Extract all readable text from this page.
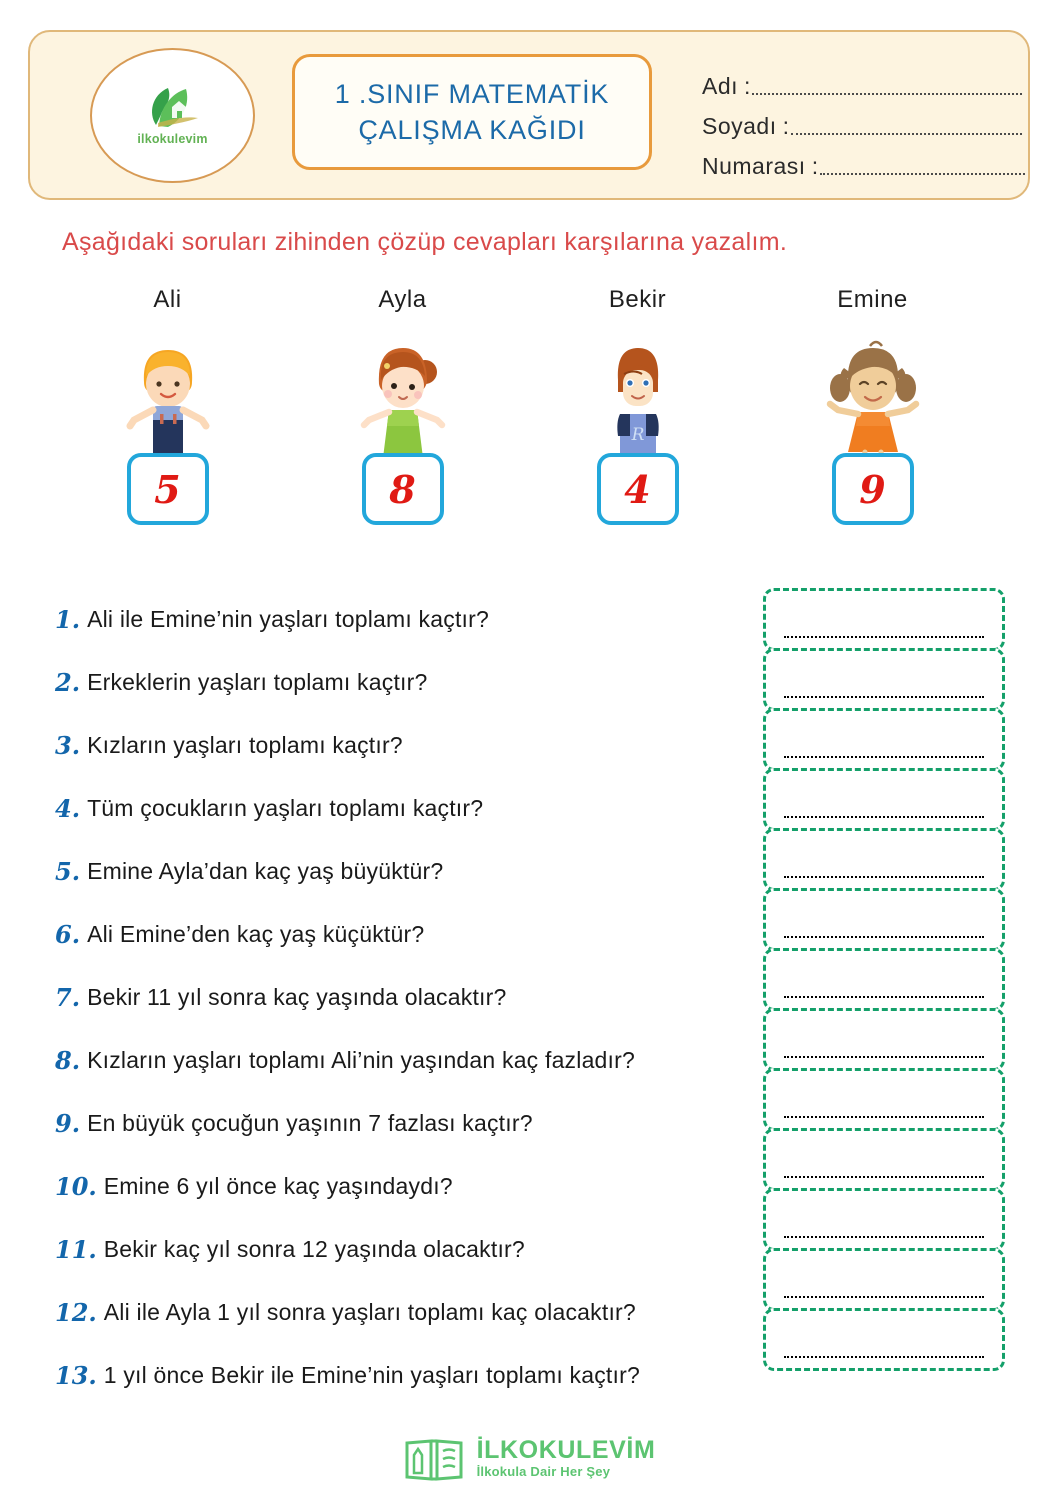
ilkokulevim
1 .SINIF MATEMATİK
ÇALIŞMA KAĞIDI
Adı :
Soyadı :
Numarası :
Aşağıdaki soruları zihinden çözüp cevapları karşılarına yazalım.
Ali
5
Ayla
8
Bekir
R
4
Emine
9
1. Ali ile Emine’nin yaşları toplamı kaçtır?
2. Erkeklerin yaşları toplamı kaçtır?
3. Kızların yaşları toplamı kaçtır?
4. Tüm çocukların yaşları toplamı kaçtır?
5. Emine Ayla’dan kaç yaş büyüktür?
6. Ali Emine’den kaç yaş küçüktür?
7. Bekir 11 yıl sonra kaç yaşında olacaktır?
8. Kızların yaşları toplamı Ali’nin yaşından kaç fazladır?
9. En büyük çocuğun yaşının 7 fazlası kaçtır?
10. Emine 6 yıl önce kaç yaşındaydı?
11. Bekir kaç yıl sonra 12 yaşında olacaktır?
12. Ali ile Ayla 1 yıl sonra yaşları toplamı kaç olacaktır?
13. 1 yıl önce Bekir ile Emine’nin yaşları toplamı kaçtır?
İLKOKULEVİM
İlkokula Dair Her Şey
